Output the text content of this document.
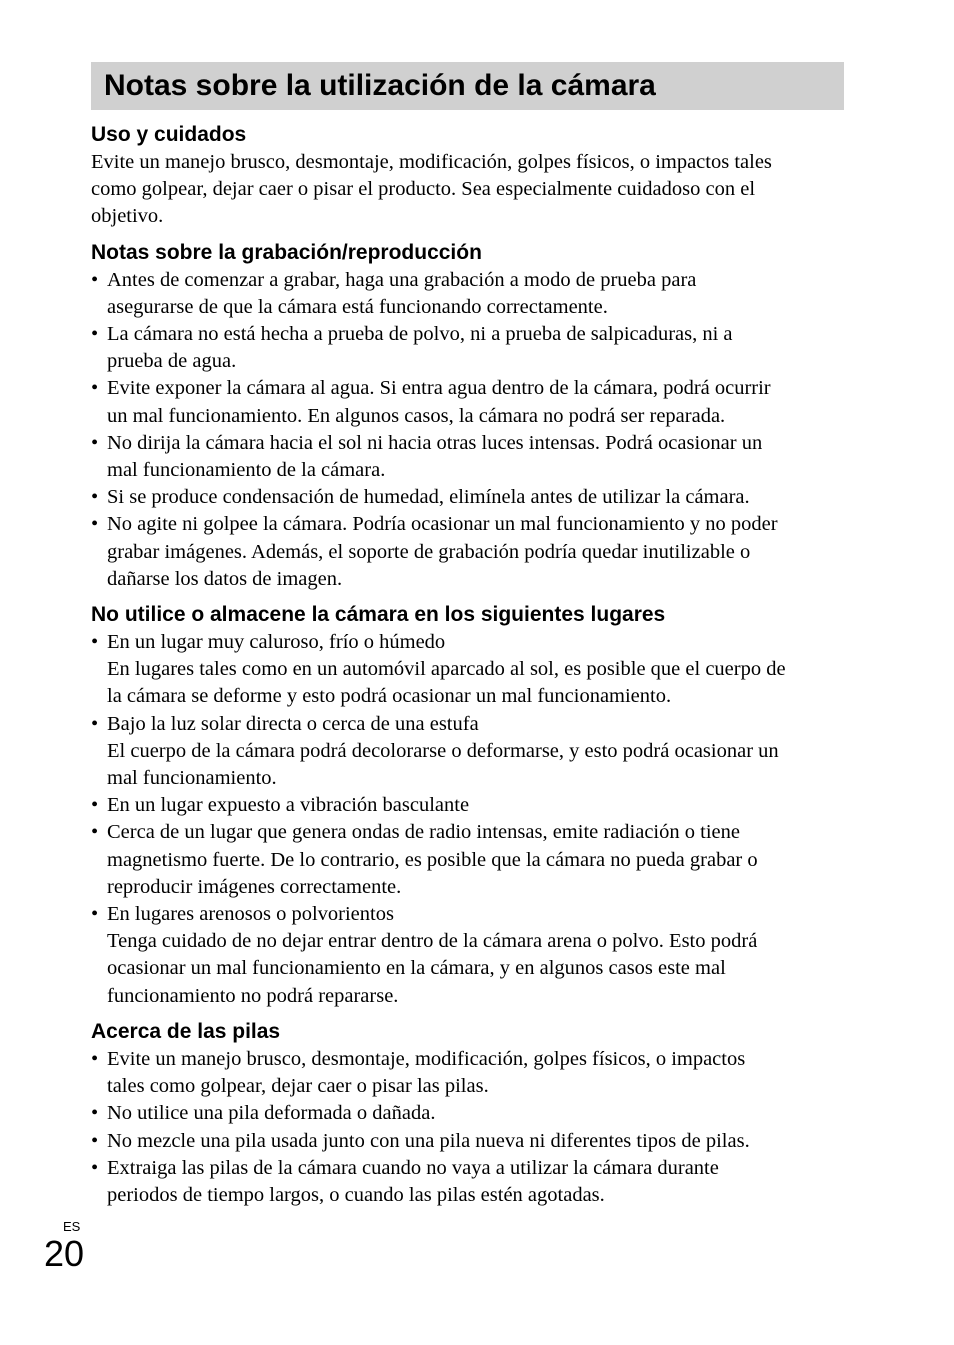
Notas sobre la utilización de la cámara
Uso y cuidados

Evite un manejo brusco, desmontaje, modificación, golpes físicos, o impactos tales
como golpear, dejar caer o pisar el producto. Sea especialmente cuidadoso con el
objetivo.

Notas sobre la grabación/reproducción
• Antes de comenzar a grabar, haga una grabación a modo de prueba para
asegurarse de que la cámara está funcionando correctamente.
• La cámara no está hecha a prueba de polvo, ni a prueba de salpicaduras, ni a
prueba de agua.
• Evite exponer la cámara al agua. Si entra agua dentro de la cámara, podrá ocurrir
un mal funcionamiento. En algunos casos, la cámara no podrá ser reparada.
• No dirija la cámara hacia el sol ni hacia otras luces intensas. Podrá ocasionar un
mal funcionamiento de la cámara.
• Si se produce condensación de humedad, elimínela antes de utilizar la cámara.
• No agite ni golpee la cámara. Podría ocasionar un mal funcionamiento y no poder
grabar imágenes. Además, el soporte de grabación podría quedar inutilizable o
dañarse los datos de imagen.
No utilice o almacene la cámara en los siguientes lugares
• En un lugar muy caluroso, frío o húmedo
En lugares tales como en un automóvil aparcado al sol, es posible que el cuerpo de
la cámara se deforme y esto podrá ocasionar un mal funcionamiento.
• Bajo la luz solar directa o cerca de una estufa
El cuerpo de la cámara podrá decolorarse o deformarse, y esto podrá ocasionar un
mal funcionamiento.
• En un lugar expuesto a vibración basculante
• Cerca de un lugar que genera ondas de radio intensas, emite radiación o tiene
magnetismo fuerte. De lo contrario, es posible que la cámara no pueda grabar o
reproducir imágenes correctamente.
• En lugares arenosos o polvorientos
Tenga cuidado de no dejar entrar dentro de la cámara arena o polvo. Esto podrá
ocasionar un mal funcionamiento en la cámara, y en algunos casos este mal
funcionamiento no podrá repararse.
Acerca de las pilas
• Evite un manejo brusco, desmontaje, modificación, golpes físicos, o impactos
tales como golpear, dejar caer o pisar las pilas.
• No utilice una pila deformada o dañada.
• No mezcle una pila usada junto con una pila nueva ni diferentes tipos de pilas.
• Extraiga las pilas de la cámara cuando no vaya a utilizar la cámara durante
periodos de tiempo largos, o cuando las pilas estén agotadas.
ES
20
